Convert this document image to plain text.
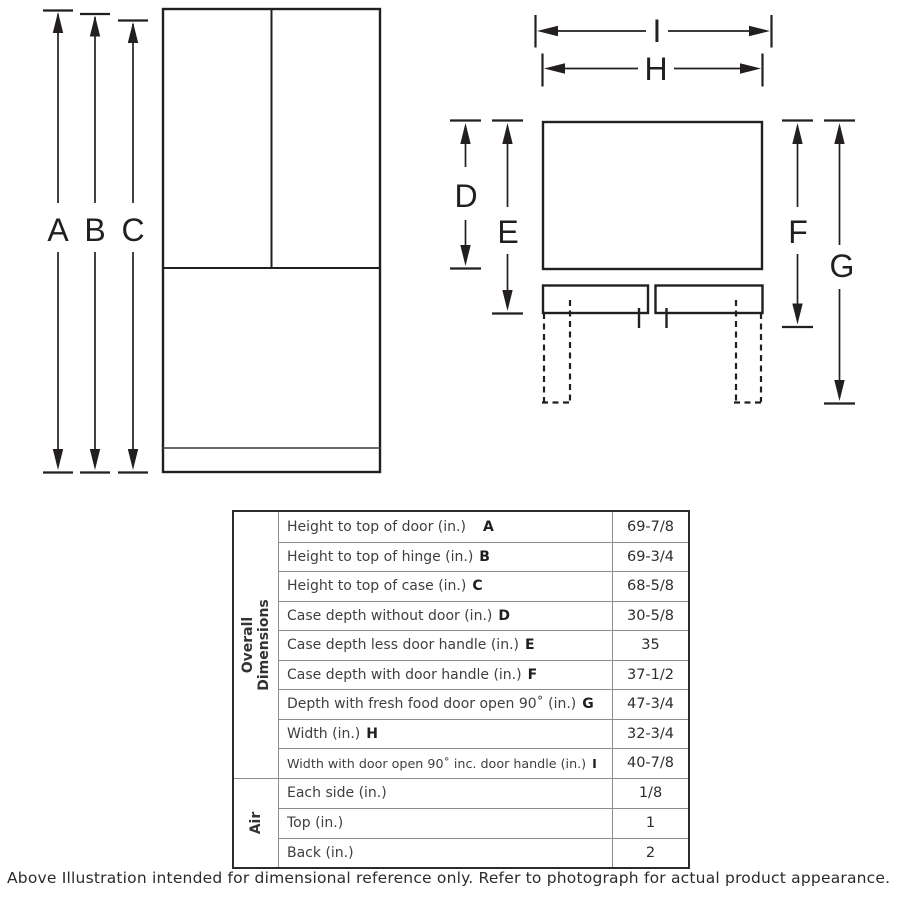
A B C
D
E	F
G
H
I
Overall Dimensions
Height to top of door (in.) A	69-7/8
Height to top of hinge (in.) B	69-3/4
Height to top of case (in.) C	68-5/8
Case depth without door (in.) D	30-5/8
Case depth less door handle (in.) E	35
Case depth with door handle (in.) F	37-1/2
Depth with fresh food door open 90˚ (in.) G	47-3/4
Width (in.) H	32-3/4
Width with door open 90˚ inc. door handle (in.) I	40-7/8
Air
Each side (in.)	1/8
Top (in.)	1
Back (in.)	2
Above Illustration intended for dimensional reference only. Refer to photograph for actual product appearance.
